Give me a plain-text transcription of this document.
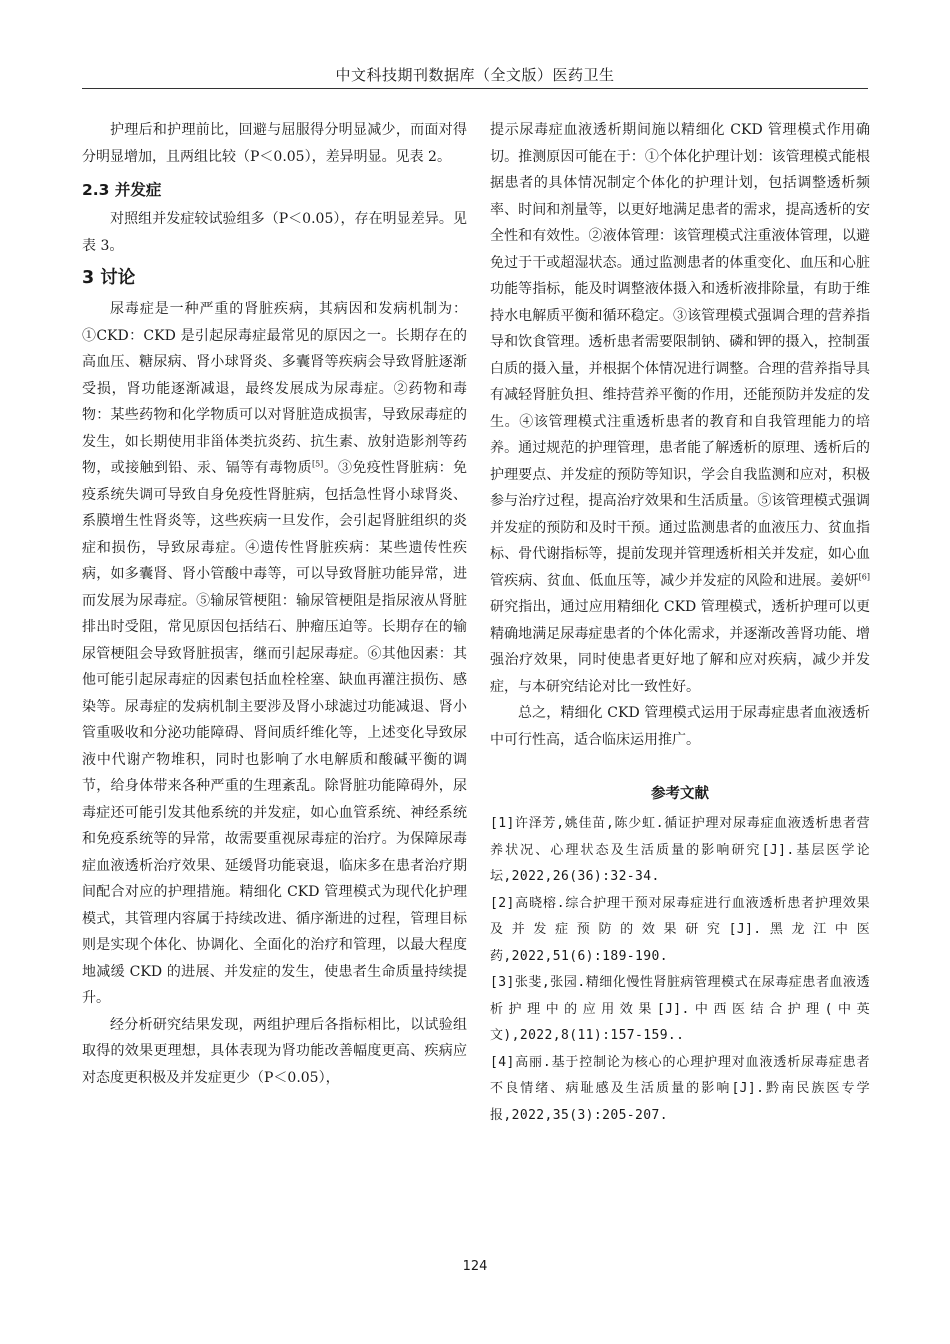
中文科技期刊数据库（全文版）医药卫生

护理后和护理前比，回避与屈服得分明显减少，而面对得分明显增加，且两组比较（P＜0.05），差异明显。见表 2。

2.3 并发症

对照组并发症较试验组多（P＜0.05），存在明显差异。见表 3。

3 讨论

尿毒症是一种严重的肾脏疾病，其病因和发病机制为：①CKD：CKD 是引起尿毒症最常见的原因之一。长期存在的高血压、糖尿病、肾小球肾炎、多囊肾等疾病会导致肾脏逐渐受损，肾功能逐渐减退，最终发展成为尿毒症。②药物和毒物：某些药物和化学物质可以对肾脏造成损害，导致尿毒症的发生，如长期使用非甾体类抗炎药、抗生素、放射造影剂等药物，或接触到铅、汞、镉等有毒物质[5]。③免疫性肾脏病：免疫系统失调可导致自身免疫性肾脏病，包括急性肾小球肾炎、系膜增生性肾炎等，这些疾病一旦发作，会引起肾脏组织的炎症和损伤，导致尿毒症。④遗传性肾脏疾病：某些遗传性疾病，如多囊肾、肾小管酸中毒等，可以导致肾脏功能异常，进而发展为尿毒症。⑤输尿管梗阻：输尿管梗阻是指尿液从肾脏排出时受阻，常见原因包括结石、肿瘤压迫等。长期存在的输尿管梗阻会导致肾脏损害，继而引起尿毒症。⑥其他因素：其他可能引起尿毒症的因素包括血栓栓塞、缺血再灌注损伤、感染等。尿毒症的发病机制主要涉及肾小球滤过功能减退、肾小管重吸收和分泌功能障碍、肾间质纤维化等，上述变化导致尿液中代谢产物堆积，同时也影响了水电解质和酸碱平衡的调节，给身体带来各种严重的生理紊乱。除肾脏功能障碍外，尿毒症还可能引发其他系统的并发症，如心血管系统、神经系统和免疫系统等的异常，故需要重视尿毒症的治疗。为保障尿毒症血液透析治疗效果、延缓肾功能衰退，临床多在患者治疗期间配合对应的护理措施。精细化 CKD 管理模式为现代化护理模式，其管理内容属于持续改进、循序渐进的过程，管理目标则是实现个体化、协调化、全面化的治疗和管理，以最大程度地减缓 CKD 的进展、并发症的发生，使患者生命质量持续提升。

经分析研究结果发现，两组护理后各指标相比，以试验组取得的效果更理想，具体表现为肾功能改善幅度更高、疾病应对态度更积极及并发症更少（P＜0.05），

提示尿毒症血液透析期间施以精细化 CKD 管理模式作用确切。推测原因可能在于：①个体化护理计划：该管理模式能根据患者的具体情况制定个体化的护理计划，包括调整透析频率、时间和剂量等，以更好地满足患者的需求，提高透析的安全性和有效性。②液体管理：该管理模式注重液体管理，以避免过于干或超湿状态。通过监测患者的体重变化、血压和心脏功能等指标，能及时调整液体摄入和透析液排除量，有助于维持水电解质平衡和循环稳定。③该管理模式强调合理的营养指导和饮食管理。透析患者需要限制钠、磷和钾的摄入，控制蛋白质的摄入量，并根据个体情况进行调整。合理的营养指导具有减轻肾脏负担、维持营养平衡的作用，还能预防并发症的发生。④该管理模式注重透析患者的教育和自我管理能力的培养。通过规范的护理管理，患者能了解透析的原理、透析后的护理要点、并发症的预防等知识，学会自我监测和应对，积极参与治疗过程，提高治疗效果和生活质量。⑤该管理模式强调并发症的预防和及时干预。通过监测患者的血液压力、贫血指标、骨代谢指标等，提前发现并管理透析相关并发症，如心血管疾病、贫血、低血压等，减少并发症的风险和进展。姜妍[6]研究指出，通过应用精细化 CKD 管理模式，透析护理可以更精确地满足尿毒症患者的个体化需求，并逐渐改善肾功能、增强治疗效果，同时使患者更好地了解和应对疾病，减少并发症，与本研究结论对比一致性好。

总之，精细化 CKD 管理模式运用于尿毒症患者血液透析中可行性高，适合临床运用推广。

参考文献

[1]许泽芳,姚佳苗,陈少虹.循证护理对尿毒症血液透析患者营养状况、心理状态及生活质量的影响研究[J].基层医学论坛,2022,26(36):32-34.

[2]高晓榕.综合护理干预对尿毒症进行血液透析患者护理效果及并发症预防的效果研究[J].黑龙江中医药,2022,51(6):189-190.

[3]张斐,张园.精细化慢性肾脏病管理模式在尿毒症患者血液透析护理中的应用效果[J].中西医结合护理(中英文),2022,8(11):157-159..

[4]高丽.基于控制论为核心的心理护理对血液透析尿毒症患者不良情绪、病耻感及生活质量的影响[J].黔南民族医专学报,2022,35(3):205-207.

124
